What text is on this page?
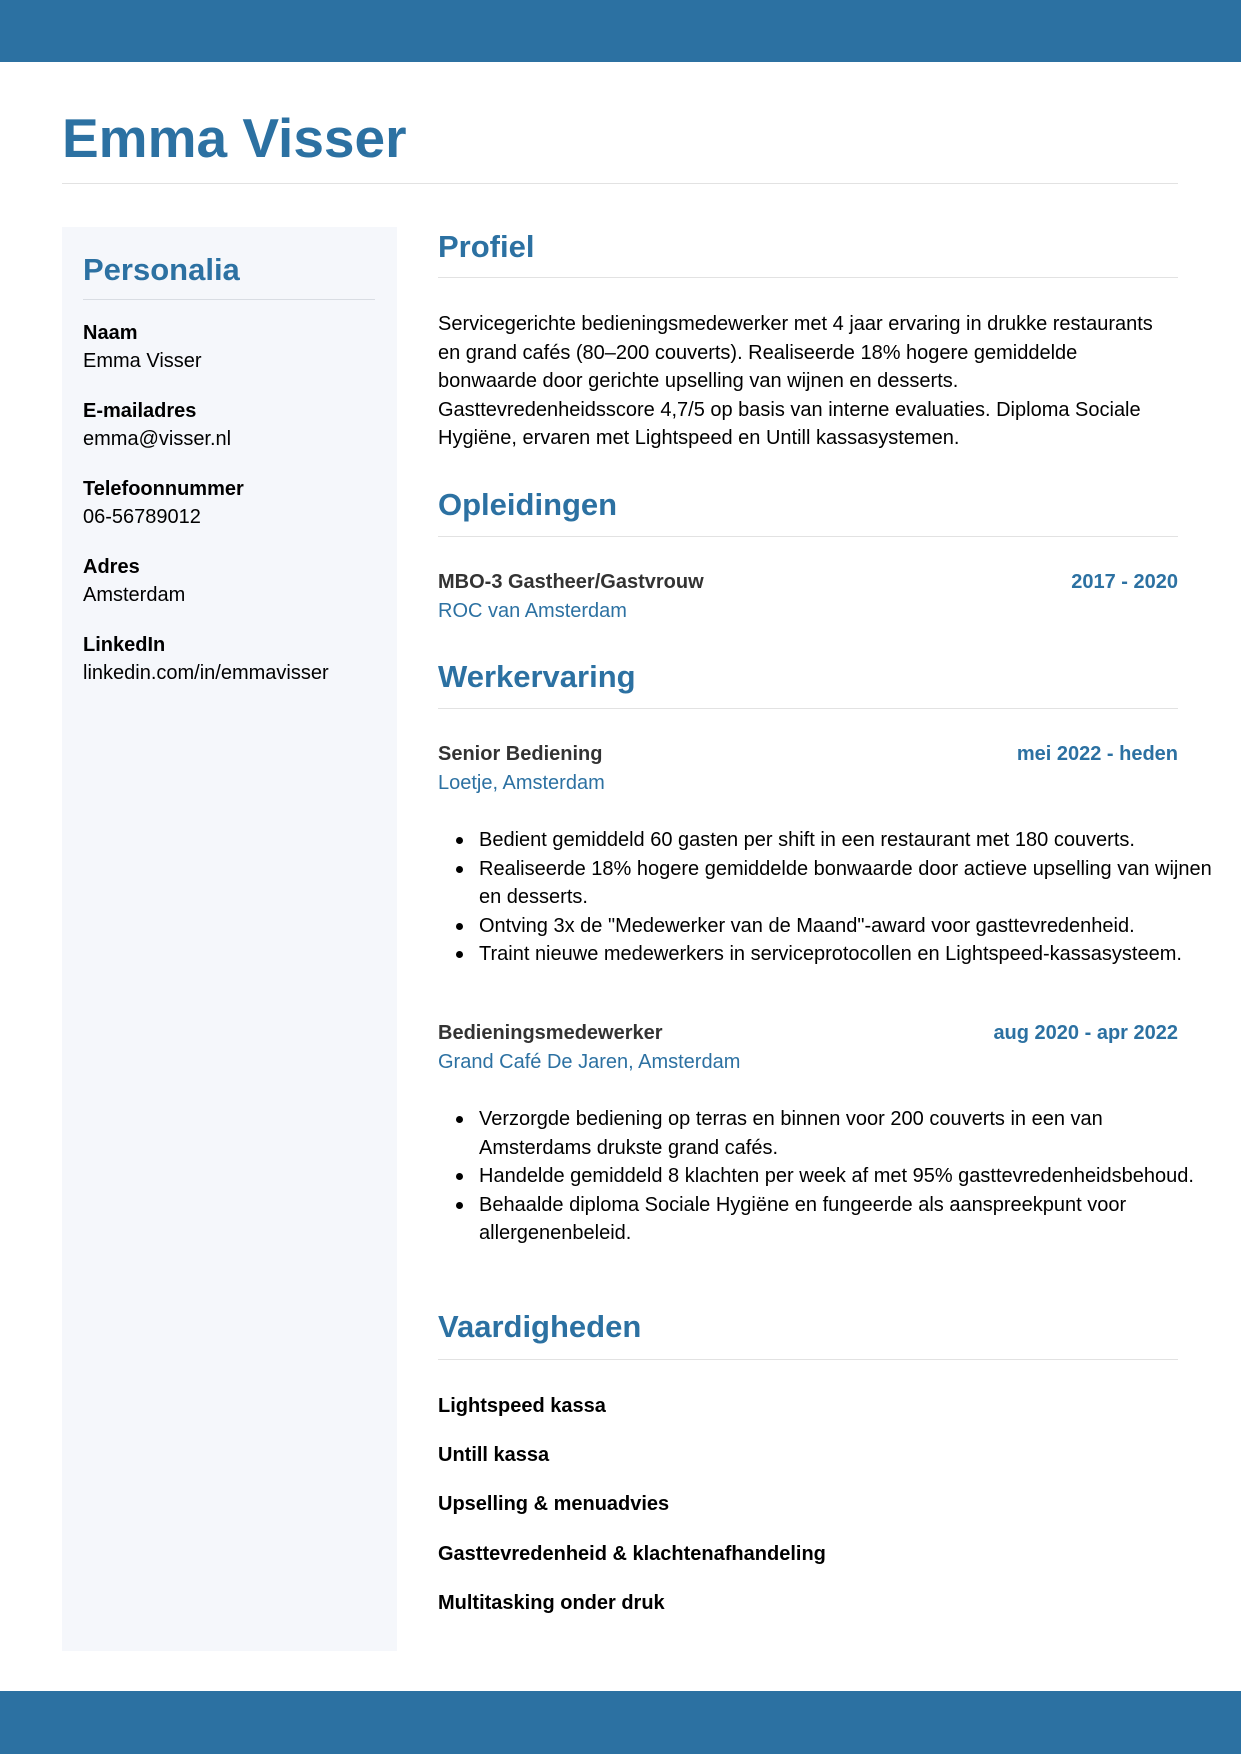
Emma Visser
Personalia
Naam
Emma Visser
E-mailadres
emma@visser.nl
Telefoonnummer
06-56789012
Adres
Amsterdam
LinkedIn
linkedin.com/in/emmavisser
Profiel

Servicegerichte bedieningsmedewerker met 4 jaar ervaring in drukke restaurants en grand cafés (80–200 couverts). Realiseerde 18% hogere gemiddelde bonwaarde door gerichte upselling van wijnen en desserts. Gasttevredenheidsscore 4,7/5 op basis van interne evaluaties. Diploma Sociale Hygiëne, ervaren met Lightspeed en Untill kassasystemen.

Opleidingen
MBO-3 Gastheer/Gastvrouw	2017 - 2020
ROC van Amsterdam
Werkervaring
Senior Bediening	mei 2022 - heden
Loetje, Amsterdam
Bedient gemiddeld 60 gasten per shift in een restaurant met 180 couverts.
Realiseerde 18% hogere gemiddelde bonwaarde door actieve upselling van wijnen en desserts.
Ontving 3x de "Medewerker van de Maand"-award voor gasttevredenheid.
Traint nieuwe medewerkers in serviceprotocollen en Lightspeed-kassasysteem.
Bedieningsmedewerker	aug 2020 - apr 2022
Grand Café De Jaren, Amsterdam
Verzorgde bediening op terras en binnen voor 200 couverts in een van Amsterdams drukste grand cafés.
Handelde gemiddeld 8 klachten per week af met 95% gasttevredenheidsbehoud.
Behaalde diploma Sociale Hygiëne en fungeerde als aanspreekpunt voor allergenenbeleid.
Vaardigheden
Lightspeed kassa
Untill kassa
Upselling & menuadvies
Gasttevredenheid & klachtenafhandeling
Multitasking onder druk
